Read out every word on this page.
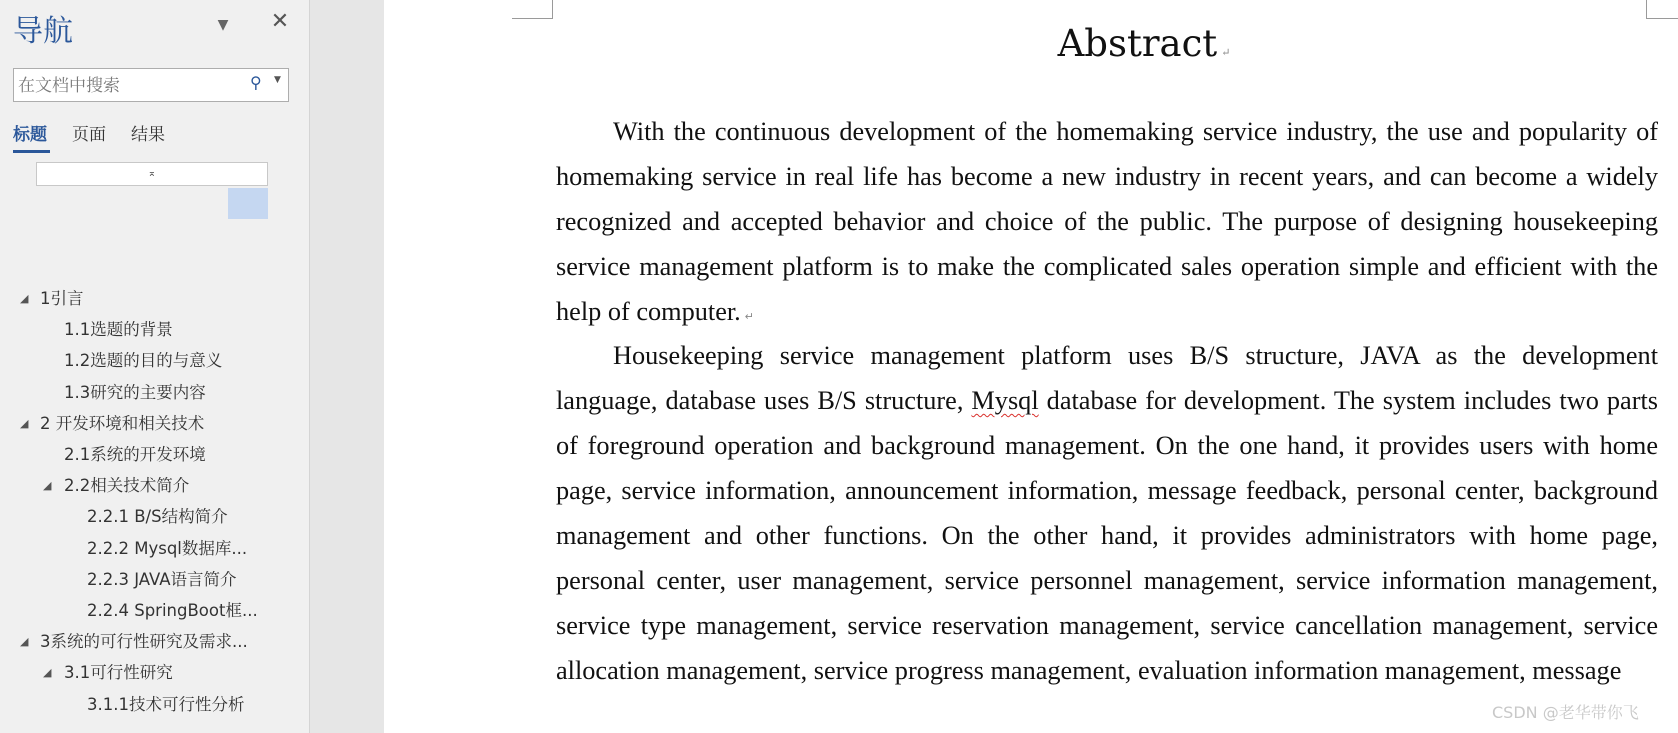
导航	▼ ✕
在文档中搜索
⚲ ▼
标题 页面 结果
⌅
◢ 1引言
1.1选题的背景
1.2选题的目的与意义
1.3研究的主要内容
◢ 2 开发环境和相关技术
2.1系统的开发环境
◢ 2.2相关技术简介
2.2.1 B/S结构简介
2.2.2 Mysql数据库...
2.2.3 JAVA语言简介
2.2.4 SpringBoot框...
◢ 3系统的可行性研究及需求...
◢ 3.1可行性研究
3.1.1技术可行性分析
Abstract ↵

With the continuous development of the homemaking service industry, the use and popularity of homemaking service in real life has become a new industry in recent years, and can become a widely recognized and accepted behavior and choice of the public. The purpose of designing housekeeping service management platform is to make the complicated sales operation simple and efficient with the help of computer. ↵

Housekeeping service management platform uses B/S structure, JAVA as the development language, database uses B/S structure, Mysql database for development. The system includes two parts of foreground operation and background management. On the one hand, it provides users with home page, service information, announcement information, message feedback, personal center, background management and other functions. On the other hand, it provides administrators with home page, personal center, user management, service personnel management, service information management, service type management, service reservation management, service cancellation management, service allocation management, service progress management, evaluation information management, message

CSDN @老华带你飞
